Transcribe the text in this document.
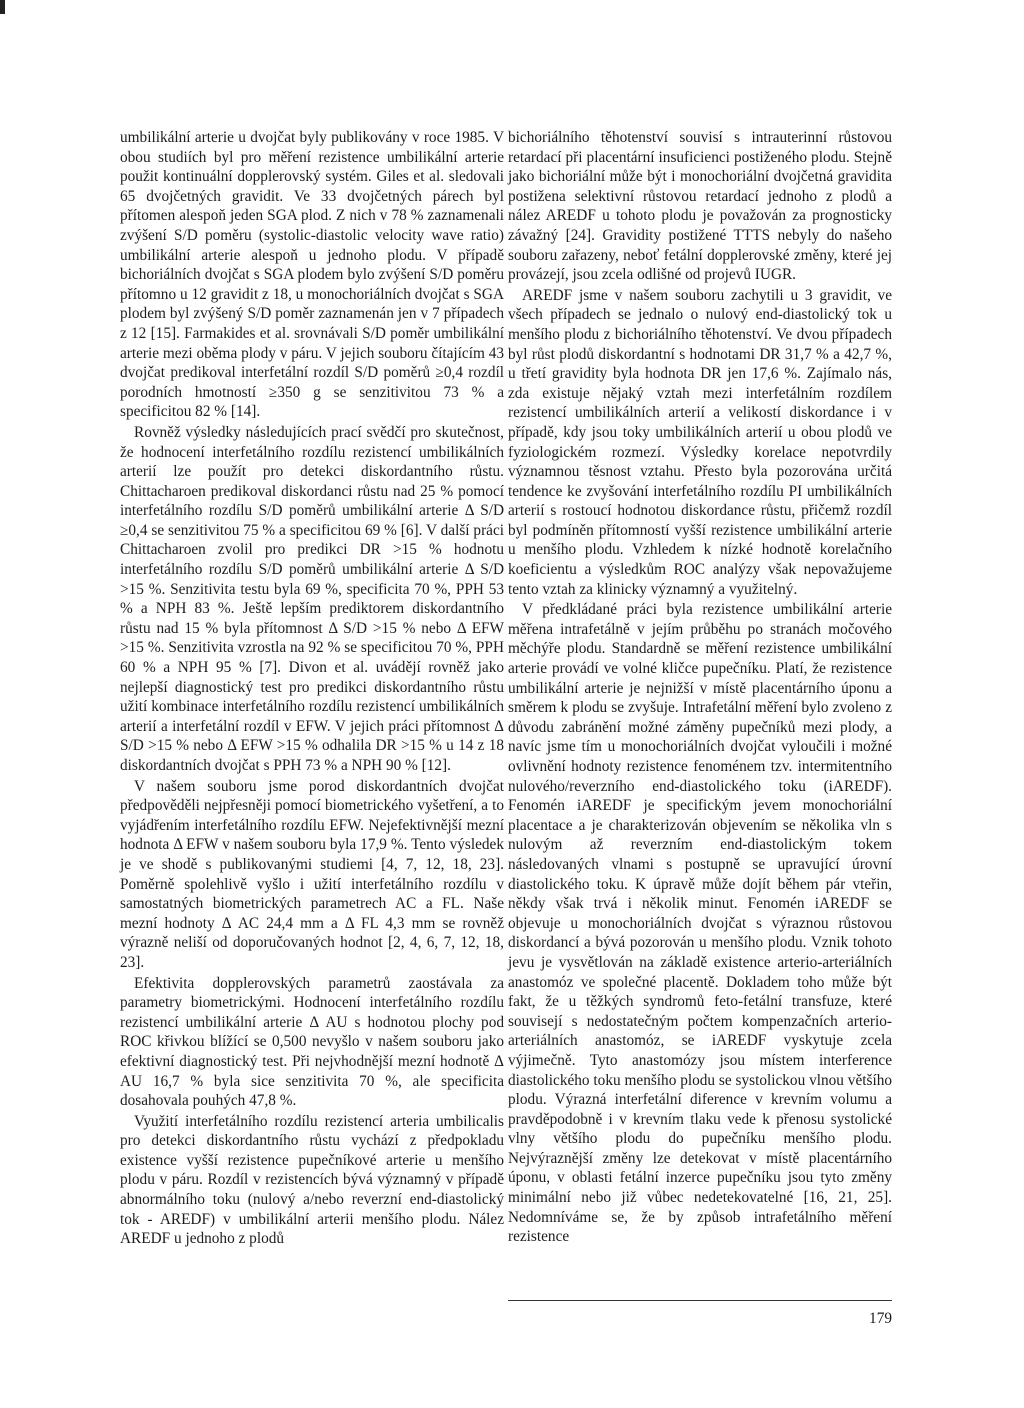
umbilikální arterie u dvojčat byly publikovány v roce 1985. V obou studiích byl pro měření rezistence umbilikální arterie použit kontinuální dopplerovský systém. Giles et al. sledovali 65 dvojčetných gravidit. Ve 33 dvojčetných párech byl přítomen alespoň jeden SGA plod. Z nich v 78 % zaznamenali zvýšení S/D poměru (systolic-diastolic velocity wave ratio) umbilikální arterie alespoň u jednoho plodu. V případě bichoriálních dvojčat s SGA plodem bylo zvýšení S/D poměru přítomno u 12 gravidit z 18, u monochoriálních dvojčat s SGA plodem byl zvýšený S/D poměr zaznamenán jen v 7 případech z 12 [15]. Farmakides et al. srovnávali S/D poměr umbilikální arterie mezi oběma plody v páru. V jejich souboru čítajícím 43 dvojčat predikoval interfetální rozdíl S/D poměrů ≥0,4 rozdíl porodních hmotností ≥350 g se senzitivitou 73 % a specificitou 82 % [14].

Rovněž výsledky následujících prací svědčí pro skutečnost, že hodnocení interfetálního rozdílu rezistencí umbilikálních arterií lze použít pro detekci diskordantního růstu. Chittacharoen predikoval diskordanci růstu nad 25 % pomocí interfetálního rozdílu S/D poměrů umbilikální arterie Δ S/D ≥0,4 se senzitivitou 75 % a specificitou 69 % [6]. V další práci Chittacharoen zvolil pro predikci DR >15 % hodnotu interfetálního rozdílu S/D poměrů umbilikální arterie Δ S/D >15 %. Senzitivita testu byla 69 %, specificita 70 %, PPH 53 % a NPH 83 %. Ještě lepším prediktorem diskordantního růstu nad 15 % byla přítomnost Δ S/D >15 % nebo Δ EFW >15 %. Senzitivita vzrostla na 92 % se specificitou 70 %, PPH 60 % a NPH 95 % [7]. Divon et al. uvádějí rovněž jako nejlepší diagnostický test pro predikci diskordantního růstu užití kombinace interfetálního rozdílu rezistencí umbilikálních arterií a interfetální rozdíl v EFW. V jejich práci přítomnost Δ S/D >15 % nebo Δ EFW >15 % odhalila DR >15 % u 14 z 18 diskordantních dvojčat s PPH 73 % a NPH 90 % [12].

V našem souboru jsme porod diskordantních dvojčat předpověděli nejpřesněji pomocí biometrického vyšetření, a to vyjádřením interfetálního rozdílu EFW. Nejefektivnější mezní hodnota Δ EFW v našem souboru byla 17,9 %. Tento výsledek je ve shodě s publikovanými studiemi [4, 7, 12, 18, 23]. Poměrně spolehlivě vyšlo i užití interfetálního rozdílu v samostatných biometrických parametrech AC a FL. Naše mezní hodnoty Δ AC 24,4 mm a Δ FL 4,3 mm se rovněž výrazně neliší od doporučovaných hodnot [2, 4, 6, 7, 12, 18, 23].

Efektivita dopplerovských parametrů zaostávala za parametry biometrickými. Hodnocení interfetálního rozdílu rezistencí umbilikální arterie Δ AU s hodnotou plochy pod ROC křivkou blížící se 0,500 nevyšlo v našem souboru jako efektivní diagnostický test. Při nejvhodnější mezní hodnotě Δ AU 16,7 % byla sice senzitivita 70 %, ale specificita dosahovala pouhých 47,8 %.

Využití interfetálního rozdílu rezistencí arteria umbilicalis pro detekci diskordantního růstu vychází z předpokladu existence vyšší rezistence pupečníkové arterie u menšího plodu v páru. Rozdíl v rezistencích bývá významný v případě abnormálního toku (nulový a/nebo reverzní end-diastolický tok - AREDF) v umbilikální arterii menšího plodu. Nález AREDF u jednoho z plodů

bichoriálního těhotenství souvisí s intrauterinní růstovou retardací při placentární insuficienci postiženého plodu. Stejně jako bichoriální může být i monochoriální dvojčetná gravidita postižena selektivní růstovou retardací jednoho z plodů a nález AREDF u tohoto plodu je považován za prognosticky závažný [24]. Gravidity postižené TTTS nebyly do našeho souboru zařazeny, neboť fetální dopplerovské změny, které jej provázejí, jsou zcela odlišné od projevů IUGR.

AREDF jsme v našem souboru zachytili u 3 gravidit, ve všech případech se jednalo o nulový end-diastolický tok u menšího plodu z bichoriálního těhotenství. Ve dvou případech byl růst plodů diskordantní s hodnotami DR 31,7 % a 42,7 %, u třetí gravidity byla hodnota DR jen 17,6 %. Zajímalo nás, zda existuje nějaký vztah mezi interfetálním rozdílem rezistencí umbilikálních arterií a velikostí diskordance i v případě, kdy jsou toky umbilikálních arterií u obou plodů ve fyziologickém rozmezí. Výsledky korelace nepotvrdily významnou těsnost vztahu. Přesto byla pozorována určitá tendence ke zvyšování interfetálního rozdílu PI umbilikálních arterií s rostoucí hodnotou diskordance růstu, přičemž rozdíl byl podmíněn přítomností vyšší rezistence umbilikální arterie u menšího plodu. Vzhledem k nízké hodnotě korelačního koeficientu a výsledkům ROC analýzy však nepovažujeme tento vztah za klinicky významný a využitelný.

V předkládané práci byla rezistence umbilikální arterie měřena intrafetálně v jejím průběhu po stranách močového měchýře plodu. Standardně se měření rezistence umbilikální arterie provádí ve volné kličce pupečníku. Platí, že rezistence umbilikální arterie je nejnižší v místě placentárního úponu a směrem k plodu se zvyšuje. Intrafetální měření bylo zvoleno z důvodu zabránění možné záměny pupečníků mezi plody, a navíc jsme tím u monochoriálních dvojčat vyloučili i možné ovlivnění hodnoty rezistence fenoménem tzv. intermitentního nulového/reverzního end-diastolického toku (iAREDF). Fenomén iAREDF je specifickým jevem monochoriální placentace a je charakterizován objevením se několika vln s nulovým až reverzním end-diastolickým tokem následovaných vlnami s postupně se upravující úrovní diastolického toku. K úpravě může dojít během pár vteřin, někdy však trvá i několik minut. Fenomén iAREDF se objevuje u monochoriálních dvojčat s výraznou růstovou diskordancí a bývá pozorován u menšího plodu. Vznik tohoto jevu je vysvětlován na základě existence arterio-arteriálních anastomóz ve společné placentě. Dokladem toho může být fakt, že u těžkých syndromů feto-fetální transfuze, které souvisejí s nedostatečným počtem kompenzačních arterio-arteriálních anastomóz, se iAREDF vyskytuje zcela výjimečně. Tyto anastomózy jsou místem interference diastolického toku menšího plodu se systolickou vlnou většího plodu. Výrazná interfetální diference v krevním volumu a pravděpodobně i v krevním tlaku vede k přenosu systolické vlny většího plodu do pupečníku menšího plodu. Nejvýraznější změny lze detekovat v místě placentárního úponu, v oblasti fetální inzerce pupečníku jsou tyto změny minimální nebo již vůbec nedetekovatelné [16, 21, 25]. Nedomníváme se, že by způsob intrafetálního měření rezistence

179
